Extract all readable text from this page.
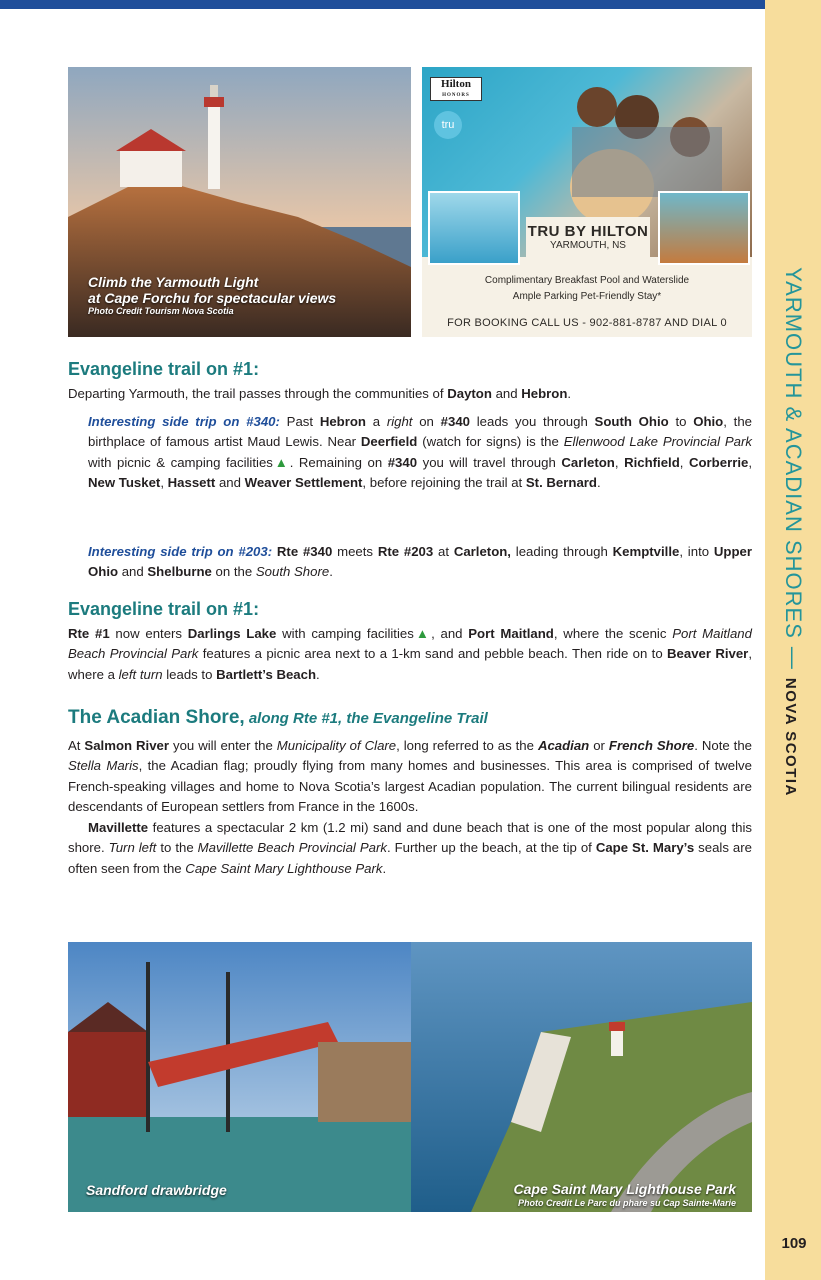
YARMOUTH & ACADIAN SHORES—NOVA SCOTIA
109
Climb the Yarmouth Light
at Cape Forchu for spectacular views
Photo Credit Tourism Nova Scotia
Hilton
HONORS
tru
TRU BY HILTON
YARMOUTH, NS
Complimentary Breakfast Pool and Waterslide
Ample Parking Pet-Friendly Stay*
FOR BOOKING CALL US - 902-881-8787 AND DIAL 0
Evangeline trail on #1:
Departing Yarmouth, the trail passes through the communities of Dayton and Hebron.
Interesting side trip on #340: Past Hebron a right on #340 leads you through South Ohio to Ohio, the birthplace of famous artist Maud Lewis. Near Deerfield (watch for signs) is the Ellenwood Lake Provincial Park with picnic & camping facilities▲. Remaining on #340 you will travel through Carleton, Richfield, Corberrie, New Tusket, Hassett and Weaver Settlement, before rejoining the trail at St. Bernard.
Interesting side trip on #203: Rte #340 meets Rte #203 at Carleton, leading through Kemptville, into Upper Ohio and Shelburne on the South Shore.
Evangeline trail on #1:
Rte #1 now enters Darlings Lake with camping facilities▲, and Port Maitland, where the scenic Port Maitland Beach Provincial Park features a picnic area next to a 1-km sand and pebble beach. Then ride on to Beaver River, where a left turn leads to Bartlett’s Beach.
The Acadian Shore, along Rte #1, the Evangeline Trail
At Salmon River you will enter the Municipality of Clare, long referred to as the Acadian or French Shore. Note the Stella Maris, the Acadian flag; proudly flying from many homes and businesses. This area is comprised of twelve French-speaking villages and home to Nova Scotia’s largest Acadian population. The current bilingual residents are descendants of European settlers from France in the 1600s.
Mavillette features a spectacular 2 km (1.2 mi) sand and dune beach that is one of the most popular along this shore. Turn left to the Mavillette Beach Provincial Park. Further up the beach, at the tip of Cape St. Mary’s seals are often seen from the Cape Saint Mary Lighthouse Park.
Sandford drawbridge	Cape Saint Mary Lighthouse Park
Photo Credit Le Parc du phare su Cap Sainte-Marie
